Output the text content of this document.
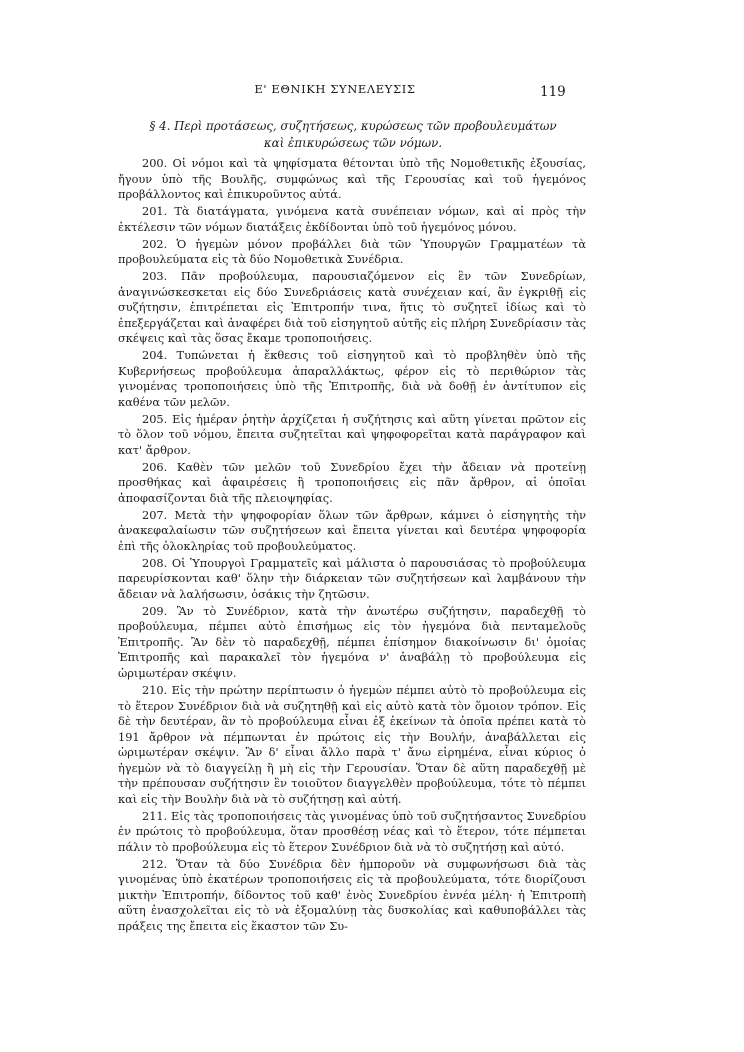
Ε' ΕΘΝΙΚΗ ΣΥΝΕΛΕΥΣΙΣ	119
§ 4. Περὶ προτάσεως, συζητήσεως, κυρώσεως τῶν προβουλευμάτων
καὶ ἐπικυρώσεως τῶν νόμων.

200. Οἱ νόμοι καὶ τὰ ψηφίσματα θέτονται ὑπὸ τῆς Νομοθετικῆς ἐξουσίας, ἤγουν ὑπὸ τῆς Βουλῆς, συμφώνως καὶ τῆς Γερουσίας καὶ τοῦ ἡγεμόνος προβάλλοντος καὶ ἐπικυροῦντος αὐτά.

201. Τὰ διατάγματα, γινόμενα κατὰ συνέπειαν νόμων, καὶ αἱ πρὸς τὴν ἐκτέλεσιν τῶν νόμων διατάξεις ἐκδίδονται ὑπὸ τοῦ ἡγεμόνος μόνου.

202. Ὁ ἡγεμὼν μόνον προβάλλει διὰ τῶν Ὑπουργῶν Γραμματέων τὰ προβουλεύματα εἰς τὰ δύο Νομοθετικὰ Συνέδρια.

203. Πᾶν προβούλευμα, παρουσιαζόμενον εἰς ἓν τῶν Συνεδρίων, ἀναγινώσκεσκεται εἰς δύο Συνεδριάσεις κατὰ συνέχειαν καί, ἂν ἐγκριθῇ εἰς συζήτησιν, ἐπιτρέπεται εἰς Ἐπιτροπήν τινα, ἥτις τὸ συζητεῖ ἰδίως καὶ τὸ ἐπεξεργάζεται καὶ ἀναφέρει διὰ τοῦ εἰσηγητοῦ αὐτῆς εἰς πλήρη Συνεδρίασιν τὰς σκέψεις καὶ τὰς ὅσας ἔκαμε τροποποιήσεις.

204. Τυπώνεται ἡ ἔκθεσις τοῦ εἰσηγητοῦ καὶ τὸ προβληθὲν ὑπὸ τῆς Κυβερνήσεως προβούλευμα ἀπαραλλάκτως, φέρον εἰς τὸ περιθώριον τὰς γινομένας τροποποιήσεις ὑπὸ τῆς Ἐπιτροπῆς, διὰ νὰ δοθῇ ἐν ἀντίτυπον εἰς καθένα τῶν μελῶν.

205. Εἰς ἡμέραν ῥητὴν ἀρχίζεται ἡ συζήτησις καὶ αὕτη γίνεται πρῶτον εἰς τὸ ὅλον τοῦ νόμου, ἔπειτα συζητεῖται καὶ ψηφοφορεῖται κατὰ παράγραφον καὶ κατ' ἄρθρον.

206. Καθὲν τῶν μελῶν τοῦ Συνεδρίου ἔχει τὴν ἄδειαν νὰ προτείνῃ προσθήκας καὶ ἀφαιρέσεις ἢ τροποποιήσεις εἰς πᾶν ἄρθρον, αἱ ὁποῖαι ἀποφασίζονται διὰ τῆς πλειοψηφίας.

207. Μετὰ τὴν ψηφοφορίαν ὅλων τῶν ἄρθρων, κάμνει ὁ εἰσηγητὴς τὴν ἀνακεφαλαίωσιν τῶν συζητήσεων καὶ ἔπειτα γίνεται καὶ δευτέρα ψηφοφορία ἐπὶ τῆς ὁλοκληρίας τοῦ προβουλεύματος.

208. Οἱ Ὑπουργοὶ Γραμματεῖς καὶ μάλιστα ὁ παρουσιάσας τὸ προβούλευμα παρευρίσκονται καθ' ὅλην τὴν διάρκειαν τῶν συζητήσεων καὶ λαμβάνουν τὴν ἄδειαν νὰ λαλήσωσιν, ὁσάκις τὴν ζητῶσιν.

209. Ἂν τὸ Συνέδριον, κατὰ τὴν ἀνωτέρω συζήτησιν, παραδεχθῇ τὸ προβούλευμα, πέμπει αὐτὸ ἐπισήμως εἰς τὸν ἡγεμόνα διὰ πενταμελοῦς Ἐπιτροπῆς. Ἂν δὲν τὸ παραδεχθῇ, πέμπει ἐπίσημον διακοίνωσιν δι' ὁμοίας Ἐπιτροπῆς καὶ παρακαλεῖ τὸν ἡγεμόνα ν' ἀναβάλῃ τὸ προβούλευμα εἰς ὡριμωτέραν σκέψιν.

210. Εἰς τὴν πρώτην περίπτωσιν ὁ ἡγεμὼν πέμπει αὐτὸ τὸ προβούλευμα εἰς τὸ ἕτερον Συνέδριον διὰ νὰ συζητηθῇ καὶ εἰς αὐτὸ κατὰ τὸν ὅμοιον τρόπον. Εἰς δὲ τὴν δευτέραν, ἂν τὸ προβούλευμα εἶναι ἐξ ἐκείνων τὰ ὁποῖα πρέπει κατὰ τὸ 191 ἄρθρον νὰ πέμπωνται ἐν πρώτοις εἰς τὴν Βουλήν, ἀναβάλλεται εἰς ὡριμωτέραν σκέψιν. Ἂν δ' εἶναι ἄλλο παρὰ τ' ἄνω εἰρημένα, εἶναι κύριος ὁ ἡγεμὼν νὰ τὸ διαγγείλῃ ἢ μὴ εἰς τὴν Γερουσίαν. Ὅταν δὲ αὕτη παραδεχθῇ μὲ τὴν πρέπουσαν συζήτησιν ἓν τοιοῦτον διαγγελθὲν προβούλευμα, τότε τὸ πέμπει καὶ εἰς τὴν Βουλὴν διὰ νὰ τὸ συζήτησῃ καὶ αὐτή.

211. Εἰς τὰς τροποποιήσεις τὰς γινομένας ὑπὸ τοῦ συζητήσαντος Συνεδρίου ἐν πρώτοις τὸ προβούλευμα, ὅταν προσθέσῃ νέας καὶ τὸ ἕτερον, τότε πέμπεται πάλιν τὸ προβούλευμα εἰς τὸ ἕτερον Συνέδριον διὰ νὰ τὸ συζητήσῃ καὶ αὐτό.

212. Ὅταν τὰ δύο Συνέδρια δὲν ἠμποροῦν νὰ συμφωνήσωσι διὰ τὰς γινομένας ὑπὸ ἑκατέρων τροποποιήσεις εἰς τὰ προβουλεύματα, τότε διορίζουσι μικτὴν Ἐπιτροπήν, δίδοντος τοῦ καθ' ἑνὸς Συνεδρίου ἐννέα μέλη· ἡ Ἐπιτροπὴ αὕτη ἐνασχολεῖται εἰς τὸ νὰ ἐξομαλύνῃ τὰς δυσκολίας καὶ καθυποβάλλει τὰς πράξεις της ἔπειτα εἰς ἕκαστον τῶν Συ-
